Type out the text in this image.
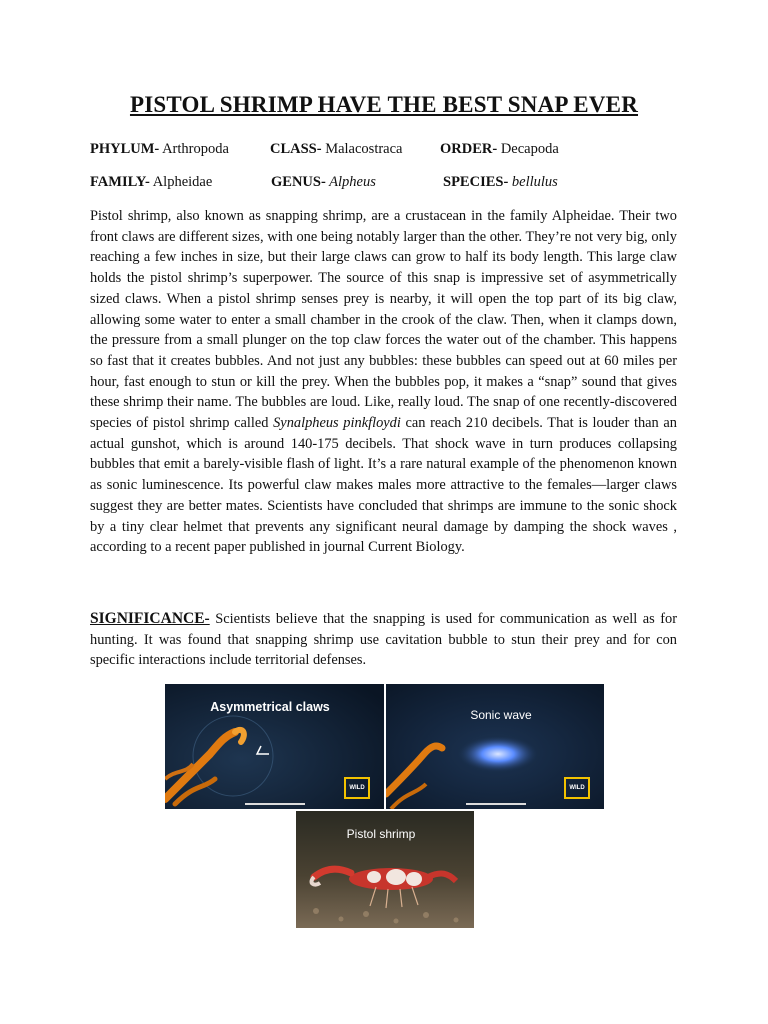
PISTOL SHRIMP HAVE THE BEST SNAP EVER
PHYLUM- Arthropoda	CLASS- Malacostraca	ORDER- Decapoda
FAMILY- Alpheidae	GENUS- Alpheus	SPECIES- bellulus

Pistol shrimp, also known as snapping shrimp, are a crustacean in the family Alpheidae. Their two front claws are different sizes, with one being notably larger than the other. They’re not very big, only reaching a few inches in size, but their large claws can grow to half its body length. This large claw holds the pistol shrimp’s superpower. The source of this snap is impressive set of asymmetrically sized claws. When a pistol shrimp senses prey is nearby, it will open the top part of its big claw, allowing some water to enter a small chamber in the crook of the claw. Then, when it clamps down, the pressure from a small plunger on the top claw forces the water out of the chamber. This happens so fast that it creates bubbles. And not just any bubbles: these bubbles can speed out at 60 miles per hour, fast enough to stun or kill the prey. When the bubbles pop, it makes a “snap” sound that gives these shrimp their name. The bubbles are loud. Like, really loud. The snap of one recently-discovered species of pistol shrimp called Synalpheus pinkfloydi can reach 210 decibels. That is louder than an actual gunshot, which is around 140-175 decibels. That shock wave in turn produces collapsing bubbles that emit a barely-visible flash of light. It’s a rare natural example of the phenomenon known as sonic luminescence. Its powerful claw makes males more attractive to the females—larger claws suggest they are better mates. Scientists have concluded that shrimps are immune to the sonic shock by a tiny clear helmet that prevents any significant neural damage by damping the shock waves , according to a recent paper published in journal Current Biology.

SIGNIFICANCE- Scientists believe that the snapping is used for communication as well as for hunting. It was found that snapping shrimp use cavitation bubble to stun their prey and for con specific interactions include territorial defenses.

Asymmetrical claws
WILD
Sonic wave
WILD
Pistol shrimp
